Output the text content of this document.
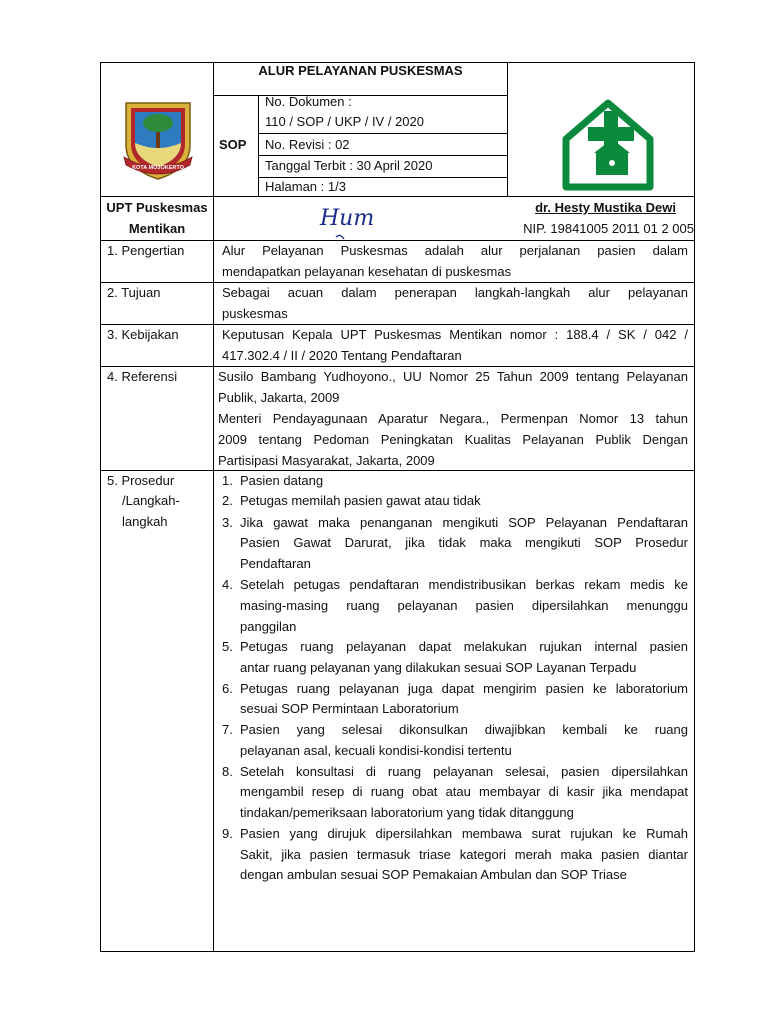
ALUR PELAYANAN PUSKESMAS
SOP
No. Dokumen :
110 / SOP / UKP / IV / 2020
No. Revisi : 02
Tanggal Terbit : 30 April 2020
Halaman : 1/3
KOTA MOJOKERTO
UPT Puskesmas
Mentikan	Hum	dr. Hesty Mustika Dewi
NIP. 19841005 2011 01 2 005
1. Pengertian	Alur Pelayanan Puskesmas adalah alur perjalanan pasien dalam
mendapatkan pelayanan kesehatan di puskesmas
2. Tujuan	Sebagai acuan dalam penerapan langkah-langkah alur pelayanan
puskesmas
3. Kebijakan	Keputusan Kepala UPT Puskesmas Mentikan nomor : 188.4 / SK / 042 /
417.302.4 / II / 2020 Tentang Pendaftaran
4. Referensi	Susilo Bambang Yudhoyono., UU Nomor 25 Tahun 2009 tentang Pelayanan
Publik, Jakarta, 2009
Menteri Pendayagunaan Aparatur Negara., Permenpan Nomor 13 tahun
2009 tentang Pedoman Peningkatan Kualitas Pelayanan Publik Dengan
Partisipasi Masyarakat, Jakarta, 2009
5. Prosedur
/Langkah-
langkah
1. Pasien datang
2. Petugas memilah pasien gawat atau tidak
3. Jika gawat maka penanganan mengikuti SOP Pelayanan Pendaftaran
Pasien Gawat Darurat, jika tidak maka mengikuti SOP Prosedur
Pendaftaran
4. Setelah petugas pendaftaran mendistribusikan berkas rekam medis ke
masing-masing ruang pelayanan pasien dipersilahkan menunggu
panggilan
5. Petugas ruang pelayanan dapat melakukan rujukan internal pasien
antar ruang pelayanan yang dilakukan sesuai SOP Layanan Terpadu
6. Petugas ruang pelayanan juga dapat mengirim pasien ke laboratorium
sesuai SOP Permintaan Laboratorium
7. Pasien yang selesai dikonsulkan diwajibkan kembali ke ruang
pelayanan asal, kecuali kondisi-kondisi tertentu
8. Setelah konsultasi di ruang pelayanan selesai, pasien dipersilahkan
mengambil resep di ruang obat atau membayar di kasir jika mendapat
tindakan/pemeriksaan laboratorium yang tidak ditanggung
9. Pasien yang dirujuk dipersilahkan membawa surat rujukan ke Rumah
Sakit, jika pasien termasuk triase kategori merah maka pasien diantar
dengan ambulan sesuai SOP Pemakaian Ambulan dan SOP Triase
